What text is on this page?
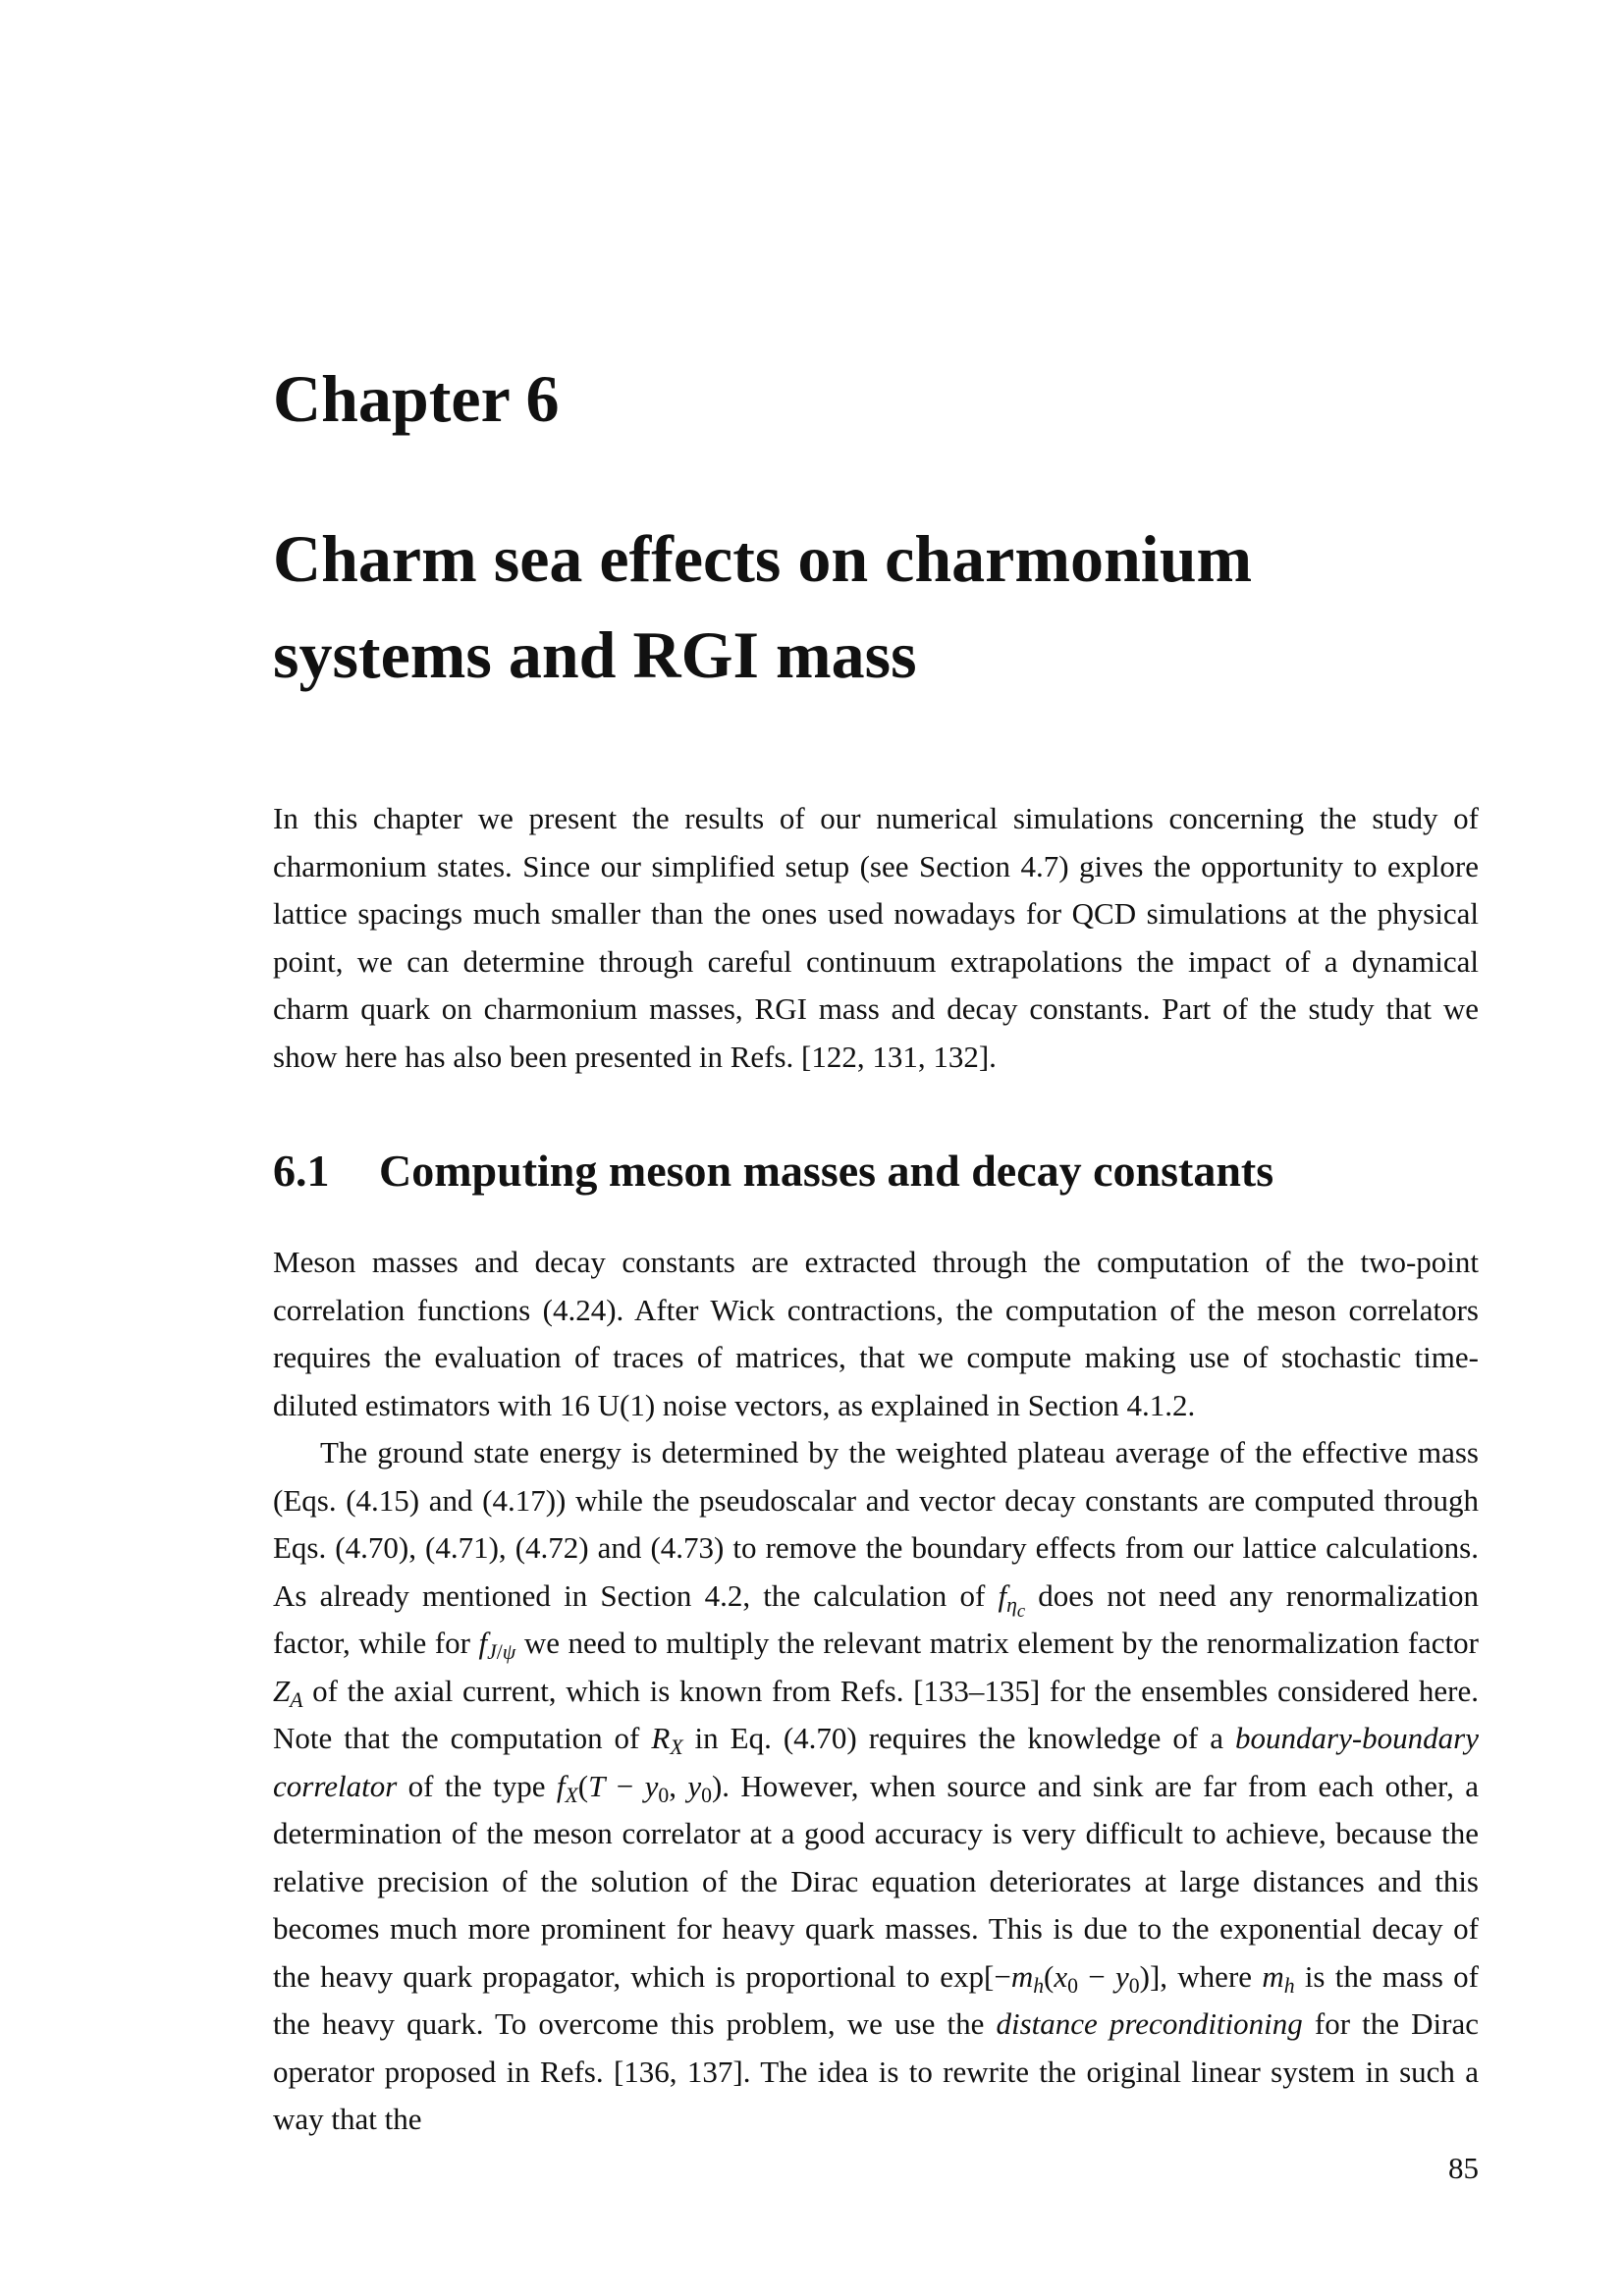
Chapter 6
Charm sea effects on charmonium
systems and RGI mass

In this chapter we present the results of our numerical simulations concerning the study of charmonium states. Since our simplified setup (see Section 4.7) gives the opportunity to explore lattice spacings much smaller than the ones used nowadays for QCD simulations at the physical point, we can determine through careful continuum extrapolations the impact of a dynamical charm quark on charmonium masses, RGI mass and decay constants. Part of the study that we show here has also been presented in Refs. [122, 131, 132].

6.1 Computing meson masses and decay constants

Meson masses and decay constants are extracted through the computation of the two-point correlation functions (4.24). After Wick contractions, the computation of the meson correlators requires the evaluation of traces of matrices, that we compute making use of stochastic time-diluted estimators with 16 U(1) noise vectors, as explained in Section 4.1.2.

The ground state energy is determined by the weighted plateau average of the effective mass (Eqs. (4.15) and (4.17)) while the pseudoscalar and vector decay constants are computed through Eqs. (4.70), (4.71), (4.72) and (4.73) to remove the boundary effects from our lattice calculations. As already mentioned in Section 4.2, the calculation of $f_{\eta_c}$ does not need any renormalization factor, while for $f_{J/\psi}$ we need to multiply the relevant matrix element by the renormalization factor $Z_A$ of the axial current, which is known from Refs. [133–135] for the ensembles considered here. Note that the computation of $R_X$ in Eq. (4.70) requires the knowledge of a boundary-boundary correlator of the type $f_X(T - y_0$, $y_0$). However, when source and sink are far from each other, a determination of the meson correlator at a good accuracy is very difficult to achieve, because the relative precision of the solution of the Dirac equation deteriorates at large distances and this becomes much more prominent for heavy quark masses. This is due to the exponential decay of the heavy quark propagator, which is proportional to $\exp[-m_h(x_0 - y_0)]$, where $m_h$ is the mass of the heavy quark. To overcome this problem, we use the distance preconditioning for the Dirac operator proposed in Refs. [136, 137]. The idea is to rewrite the original linear system in such a way that the

85
